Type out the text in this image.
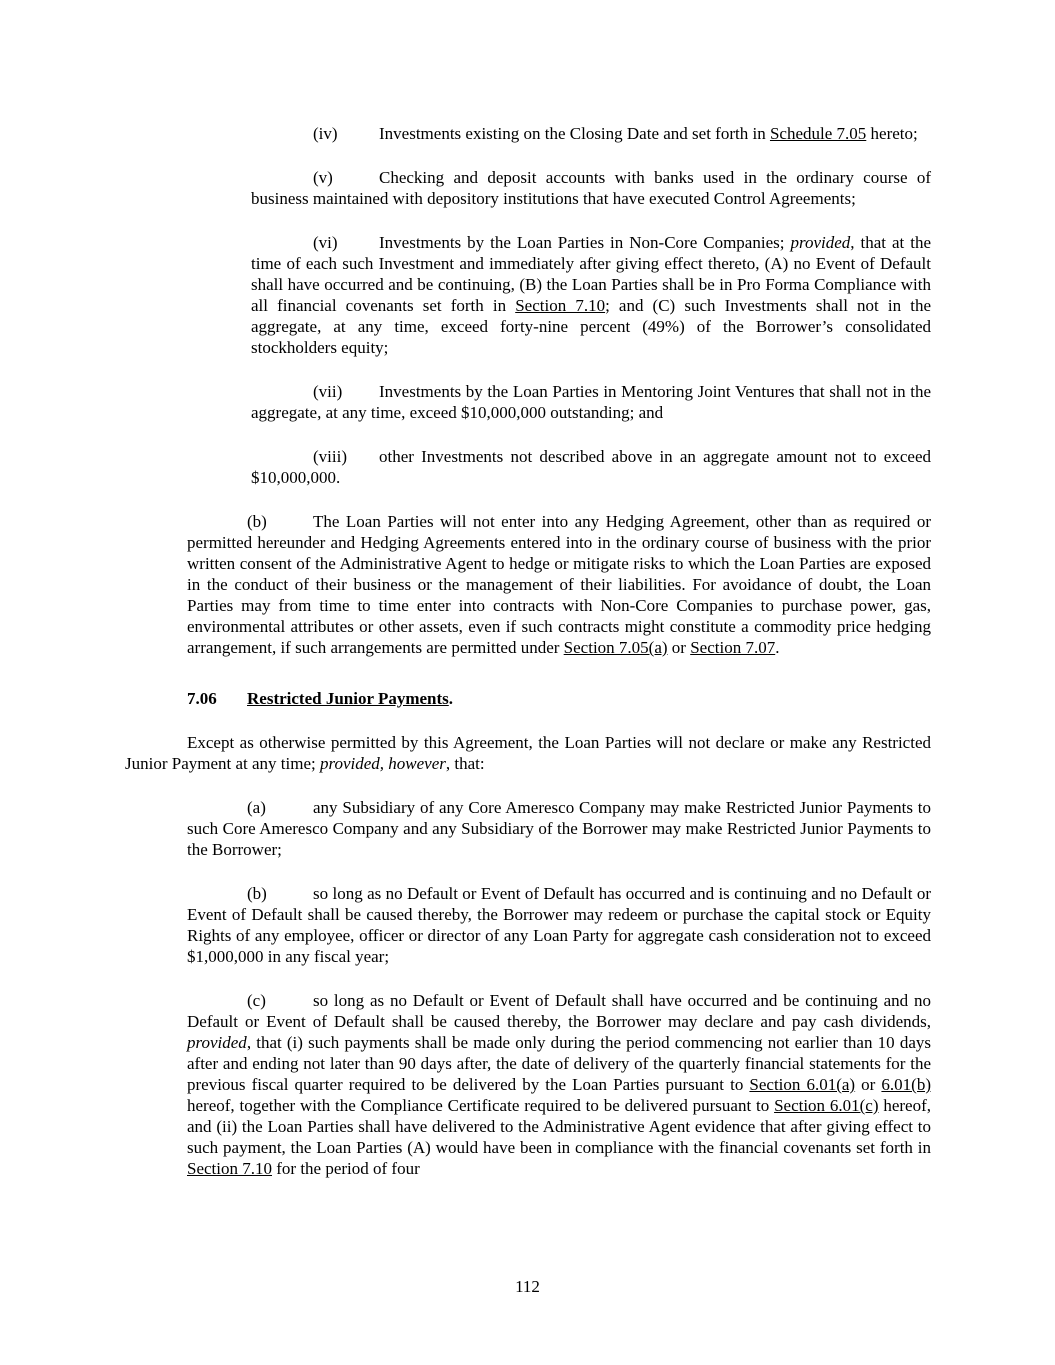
(iv) Investments existing on the Closing Date and set forth in Schedule 7.05 hereto;
(v)	Checking and deposit accounts with banks used in the ordinary course of business maintained with depository institutions that have executed Control Agreements;
(vi) Investments by the Loan Parties in Non-Core Companies; provided, that at the time of each such Investment and immediately after giving effect thereto, (A) no Event of Default shall have occurred and be continuing, (B) the Loan Parties shall be in Pro Forma Compliance with all financial covenants set forth in Section 7.10; and (C) such Investments shall not in the aggregate, at any time, exceed forty-nine percent (49%) of the Borrower’s consolidated stockholders equity;
(vii) Investments by the Loan Parties in Mentoring Joint Ventures that shall not in the aggregate, at any time, exceed $10,000,000 outstanding; and
(viii) other Investments not described above in an aggregate amount not to exceed $10,000,000.
(b)	The Loan Parties will not enter into any Hedging Agreement, other than as required or permitted hereunder and Hedging Agreements entered into in the ordinary course of business with the prior written consent of the Administrative Agent to hedge or mitigate risks to which the Loan Parties are exposed in the conduct of their business or the management of their liabilities. For avoidance of doubt, the Loan Parties may from time to time enter into contracts with Non-Core Companies to purchase power, gas, environmental attributes or other assets, even if such contracts might constitute a commodity price hedging arrangement, if such arrangements are permitted under Section 7.05(a) or Section 7.07.
7.06 Restricted Junior Payments.
Except as otherwise permitted by this Agreement, the Loan Parties will not declare or make any Restricted Junior Payment at any time; provided, however, that:
(a)	any Subsidiary of any Core Ameresco Company may make Restricted Junior Payments to such Core Ameresco Company and any Subsidiary of the Borrower may make Restricted Junior Payments to the Borrower;
(b)	so long as no Default or Event of Default has occurred and is continuing and no Default or Event of Default shall be caused thereby, the Borrower may redeem or purchase the capital stock or Equity Rights of any employee, officer or director of any Loan Party for aggregate cash consideration not to exceed $1,000,000 in any fiscal year;
(c)	so long as no Default or Event of Default shall have occurred and be continuing and no Default or Event of Default shall be caused thereby, the Borrower may declare and pay cash dividends, provided, that (i) such payments shall be made only during the period commencing not earlier than 10 days after and ending not later than 90 days after, the date of delivery of the quarterly financial statements for the previous fiscal quarter required to be delivered by the Loan Parties pursuant to Section 6.01(a) or 6.01(b) hereof, together with the Compliance Certificate required to be delivered pursuant to Section 6.01(c) hereof, and (ii) the Loan Parties shall have delivered to the Administrative Agent evidence that after giving effect to such payment, the Loan Parties (A) would have been in compliance with the financial covenants set forth in Section 7.10 for the period of four
112
